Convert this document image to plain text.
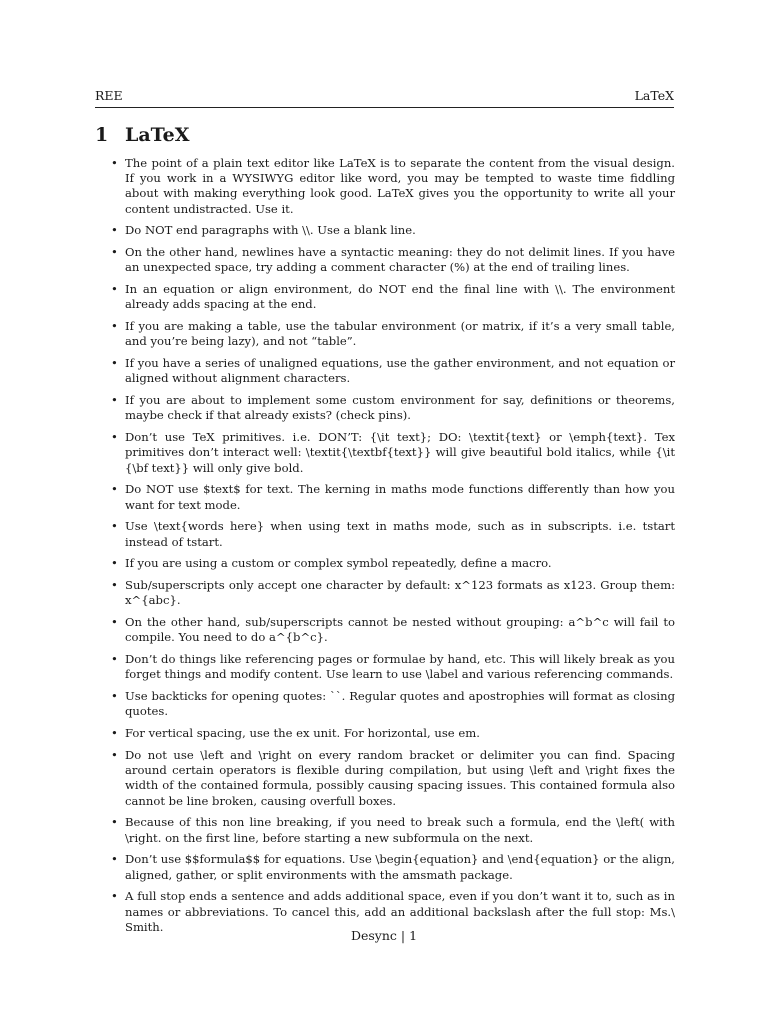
REE	LaTeX
1 LaTeX
• The point of a plain text editor like LaTeX is to separate the content from the visual design. If you work in a WYSIWYG editor like word, you may be tempted to waste time fiddling about with making everything look good. LaTeX gives you the opportunity to write all your content undistracted. Use it.
• Do NOT end paragraphs with \\. Use a blank line.
• On the other hand, newlines have a syntactic meaning: they do not delimit lines. If you have an unexpected space, try adding a comment character (%) at the end of trailing lines.
• In an equation or align environment, do NOT end the final line with \\. The environment already adds spacing at the end.
• If you are making a table, use the tabular environment (or matrix, if it’s a very small table, and you’re being lazy), and not “table”.
• If you have a series of unaligned equations, use the gather environment, and not equation or aligned without alignment characters.
• If you are about to implement some custom environment for say, definitions or theorems, maybe check if that already exists? (check pins).
• Don’t use TeX primitives. i.e. DON’T: {\it text}; DO: \textit{text} or \emph{text}. Tex primitives don’t interact well: \textit{\textbf{text}} will give beautiful bold italics, while {\it {\bf text}} will only give bold.
• Do NOT use $text$ for text. The kerning in maths mode functions differently than how you want for text mode.
• Use \text{words here} when using text in maths mode, such as in subscripts. i.e. tstart instead of tstart.
• If you are using a custom or complex symbol repeatedly, define a macro.
• Sub/superscripts only accept one character by default: x^123 formats as x123. Group them: x^{abc}.
• On the other hand, sub/superscripts cannot be nested without grouping: a^b^c will fail to compile. You need to do a^{b^c}.
• Don’t do things like referencing pages or formulae by hand, etc. This will likely break as you forget things and modify content. Use learn to use \label and various referencing commands.
• Use backticks for opening quotes: ``. Regular quotes and apostrophies will format as closing quotes.
• For vertical spacing, use the ex unit. For horizontal, use em.
• Do not use \left and \right on every random bracket or delimiter you can find. Spacing around certain operators is flexible during compilation, but using \left and \right fixes the width of the contained formula, possibly causing spacing issues. This contained formula also cannot be line broken, causing overfull boxes.
• Because of this non line breaking, if you need to break such a formula, end the \left( with \right. on the first line, before starting a new subformula on the next.
• Don’t use $$formula$$ for equations. Use \begin{equation} and \end{equation} or the align, aligned, gather, or split environments with the amsmath package.
• A full stop ends a sentence and adds additional space, even if you don’t want it to, such as in names or abbreviations. To cancel this, add an additional backslash after the full stop: Ms.\ Smith.
Desync | 1
